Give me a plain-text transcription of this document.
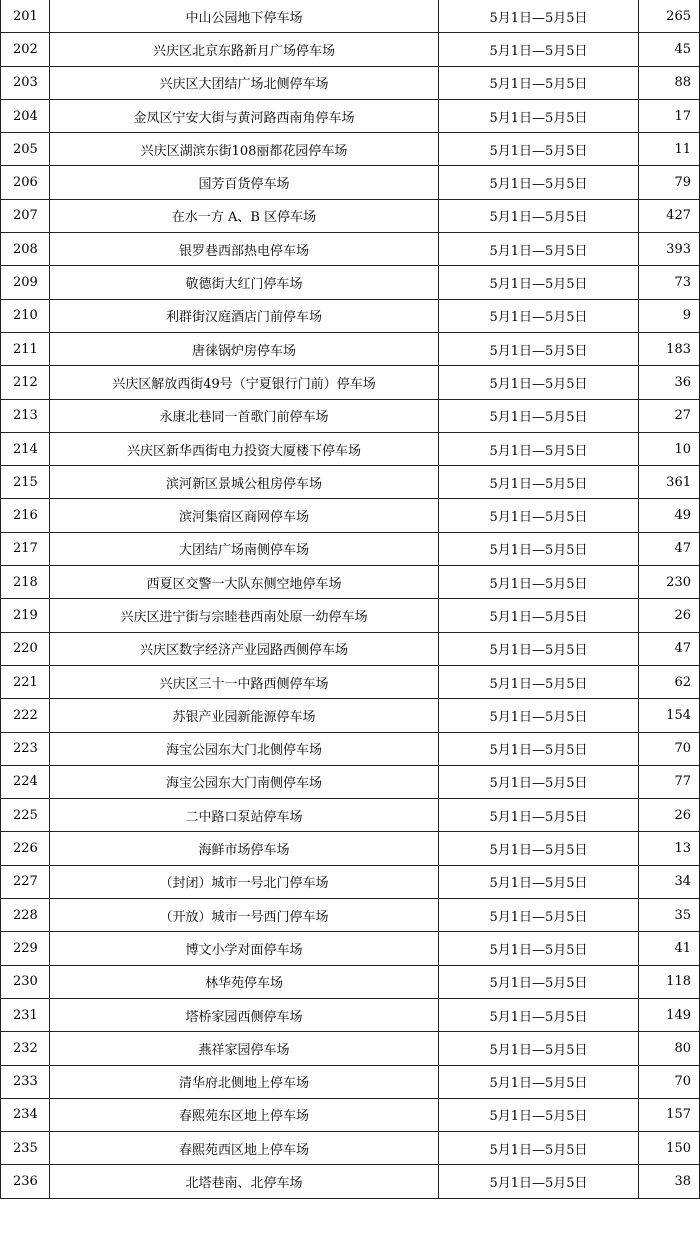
201	中山公园地下停车场	5月1日—5月5日	265
202	兴庆区北京东路新月广场停车场	5月1日—5月5日	45
203	兴庆区大团结广场北侧停车场	5月1日—5月5日	88
204	金凤区宁安大街与黄河路西南角停车场	5月1日—5月5日	17
205	兴庆区湖滨东街108丽都花园停车场	5月1日—5月5日	11
206	国芳百货停车场	5月1日—5月5日	79
207	在水一方 A、B 区停车场	5月1日—5月5日	427
208	银罗巷西部热电停车场	5月1日—5月5日	393
209	敬德街大红门停车场	5月1日—5月5日	73
210	利群街汉庭酒店门前停车场	5月1日—5月5日	9
211	唐徕锅炉房停车场	5月1日—5月5日	183
212	兴庆区解放西街49号（宁夏银行门前）停车场	5月1日—5月5日	36
213	永康北巷同一首歌门前停车场	5月1日—5月5日	27
214	兴庆区新华西街电力投资大厦楼下停车场	5月1日—5月5日	10
215	滨河新区景城公租房停车场	5月1日—5月5日	361
216	滨河集宿区商网停车场	5月1日—5月5日	49
217	大团结广场南侧停车场	5月1日—5月5日	47
218	西夏区交警一大队东侧空地停车场	5月1日—5月5日	230
219	兴庆区进宁街与宗睦巷西南处原一幼停车场	5月1日—5月5日	26
220	兴庆区数字经济产业园路西侧停车场	5月1日—5月5日	47
221	兴庆区三十一中路西侧停车场	5月1日—5月5日	62
222	苏银产业园新能源停车场	5月1日—5月5日	154
223	海宝公园东大门北侧停车场	5月1日—5月5日	70
224	海宝公园东大门南侧停车场	5月1日—5月5日	77
225	二中路口泵站停车场	5月1日—5月5日	26
226	海鲜市场停车场	5月1日—5月5日	13
227	（封闭）城市一号北门停车场	5月1日—5月5日	34
228	（开放）城市一号西门停车场	5月1日—5月5日	35
229	博文小学对面停车场	5月1日—5月5日	41
230	林华苑停车场	5月1日—5月5日	118
231	塔桥家园西侧停车场	5月1日—5月5日	149
232	燕祥家园停车场	5月1日—5月5日	80
233	清华府北侧地上停车场	5月1日—5月5日	70
234	春熙苑东区地上停车场	5月1日—5月5日	157
235	春熙苑西区地上停车场	5月1日—5月5日	150
236	北塔巷南、北停车场	5月1日—5月5日	38
